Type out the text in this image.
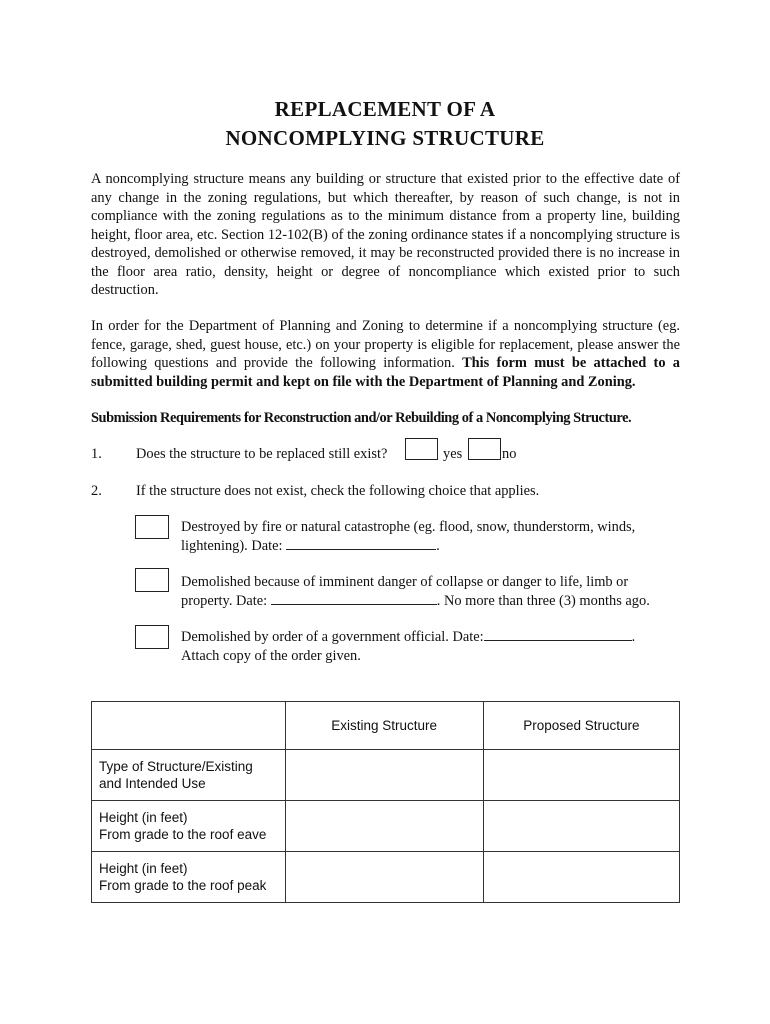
REPLACEMENT OF A
NONCOMPLYING STRUCTURE
A noncomplying structure means any building or structure that existed prior to the effective date of any change in the zoning regulations, but which thereafter, by reason of such change, is not in compliance with the zoning regulations as to the minimum distance from a property line, building height, floor area, etc. Section 12-102(B) of the zoning ordinance states if a noncomplying structure is destroyed, demolished or otherwise removed, it may be reconstructed provided there is no increase in the floor area ratio, density, height or degree of noncompliance which existed prior to such destruction.
In order for the Department of Planning and Zoning to determine if a noncomplying structure (eg. fence, garage, shed, guest house, etc.) on your property is eligible for replacement, please answer the following questions and provide the following information. This form must be attached to a submitted building permit and kept on file with the Department of Planning and Zoning.
Submission Requirements for Reconstruction and/or Rebuilding of a Noncomplying Structure.
1. Does the structure to be replaced still exist?	yes	no
2. If the structure does not exist, check the following choice that applies.
Destroyed by fire or natural catastrophe (eg. flood, snow, thunderstorm, winds,
lightening). Date:	.
Demolished because of imminent danger of collapse or danger to life, limb or
property. Date:	. No more than three (3) months ago.
Demolished by order of a government official. Date:	.
Attach copy of the order given.
	Existing Structure	Proposed Structure
Type of Structure/Existing
and Intended Use		
Height (in feet)
From grade to the roof eave		
Height (in feet)
From grade to the roof peak		
